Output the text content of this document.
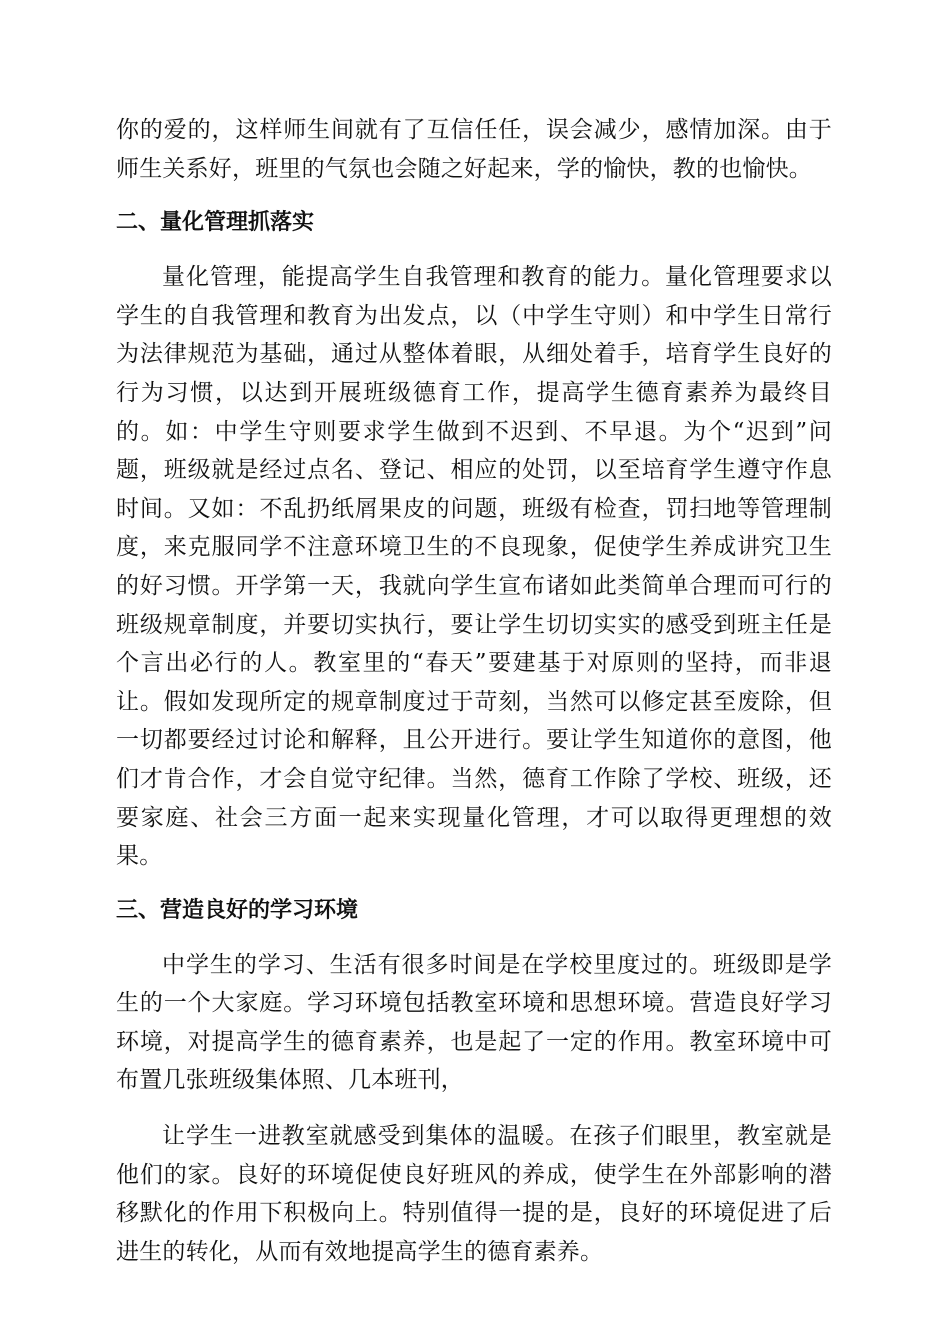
你的爱的，这样师生间就有了互信任任，误会减少，感情加深。由于师生关系好，班里的气氛也会随之好起来，学的愉快，教的也愉快。

二、量化管理抓落实

量化管理，能提高学生自我管理和教育的能力。量化管理要求以学生的自我管理和教育为出发点，以（中学生守则）和中学生日常行为法律规范为基础，通过从整体着眼，从细处着手，培育学生良好的行为习惯，以达到开展班级德育工作，提高学生德育素养为最终目的。如：中学生守则要求学生做到不迟到、不早退。为个“迟到”问题，班级就是经过点名、登记、相应的处罚，以至培育学生遵守作息时间。又如：不乱扔纸屑果皮的问题，班级有检查，罚扫地等管理制度，来克服同学不注意环境卫生的不良现象，促使学生养成讲究卫生的好习惯。开学第一天，我就向学生宣布诸如此类简单合理而可行的班级规章制度，并要切实执行，要让学生切切实实的感受到班主任是个言出必行的人。教室里的“春天”要建基于对原则的坚持，而非退让。假如发现所定的规章制度过于苛刻，当然可以修定甚至废除，但一切都要经过讨论和解释，且公开进行。要让学生知道你的意图，他们才肯合作，才会自觉守纪律。当然，德育工作除了学校、班级，还要家庭、社会三方面一起来实现量化管理，才可以取得更理想的效果。

三、营造良好的学习环境

中学生的学习、生活有很多时间是在学校里度过的。班级即是学生的一个大家庭。学习环境包括教室环境和思想环境。营造良好学习环境，对提高学生的德育素养，也是起了一定的作用。教室环境中可布置几张班级集体照、几本班刊，

让学生一进教室就感受到集体的温暖。在孩子们眼里，教室就是他们的家。良好的环境促使良好班风的养成，使学生在外部影响的潜移默化的作用下积极向上。特别值得一提的是，良好的环境促进了后进生的转化，从而有效地提高学生的德育素养。
